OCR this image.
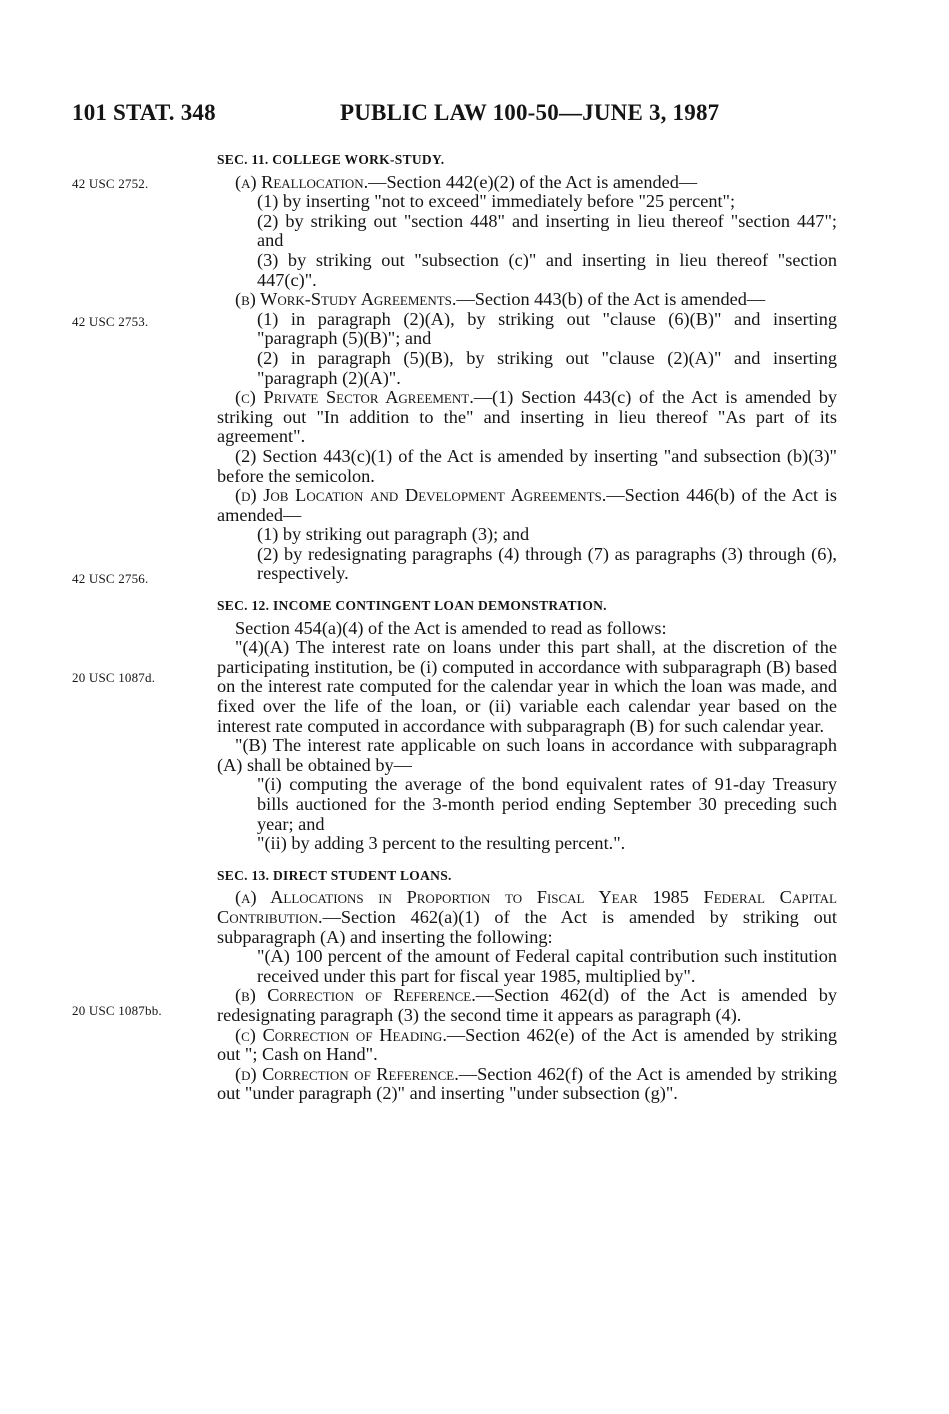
101 STAT. 348	PUBLIC LAW 100-50—JUNE 3, 1987
42 USC 2752.
42 USC 2753.
42 USC 2756.
20 USC 1087d.
20 USC 1087bb.

SEC. 11. COLLEGE WORK-STUDY.

(a) Reallocation.—Section 442(e)(2) of the Act is amended—

(1) by inserting "not to exceed" immediately before "25 percent";

(2) by striking out "section 448" and inserting in lieu thereof "section 447"; and

(3) by striking out "subsection (c)" and inserting in lieu thereof "section 447(c)".

(b) Work-Study Agreements.—Section 443(b) of the Act is amended—

(1) in paragraph (2)(A), by striking out "clause (6)(B)" and inserting "paragraph (5)(B)"; and

(2) in paragraph (5)(B), by striking out "clause (2)(A)" and inserting "paragraph (2)(A)".

(c) Private Sector Agreement.—(1) Section 443(c) of the Act is amended by striking out "In addition to the" and inserting in lieu thereof "As part of its agreement".

(2) Section 443(c)(1) of the Act is amended by inserting "and subsection (b)(3)" before the semicolon.

(d) Job Location and Development Agreements.—Section 446(b) of the Act is amended—

(1) by striking out paragraph (3); and

(2) by redesignating paragraphs (4) through (7) as paragraphs (3) through (6), respectively.

SEC. 12. INCOME CONTINGENT LOAN DEMONSTRATION.

Section 454(a)(4) of the Act is amended to read as follows:

"(4)(A) The interest rate on loans under this part shall, at the discretion of the participating institution, be (i) computed in accordance with subparagraph (B) based on the interest rate computed for the calendar year in which the loan was made, and fixed over the life of the loan, or (ii) variable each calendar year based on the interest rate computed in accordance with subparagraph (B) for such calendar year.

"(B) The interest rate applicable on such loans in accordance with subparagraph (A) shall be obtained by—

"(i) computing the average of the bond equivalent rates of 91-day Treasury bills auctioned for the 3-month period ending September 30 preceding such year; and

"(ii) by adding 3 percent to the resulting percent.".

SEC. 13. DIRECT STUDENT LOANS.

(a) Allocations in Proportion to Fiscal Year 1985 Federal Capital Contribution.—Section 462(a)(1) of the Act is amended by striking out subparagraph (A) and inserting the following:

"(A) 100 percent of the amount of Federal capital contribution such institution received under this part for fiscal year 1985, multiplied by".

(b) Correction of Reference.—Section 462(d) of the Act is amended by redesignating paragraph (3) the second time it appears as paragraph (4).

(c) Correction of Heading.—Section 462(e) of the Act is amended by striking out "; Cash on Hand".

(d) Correction of Reference.—Section 462(f) of the Act is amended by striking out "under paragraph (2)" and inserting "under subsection (g)".
